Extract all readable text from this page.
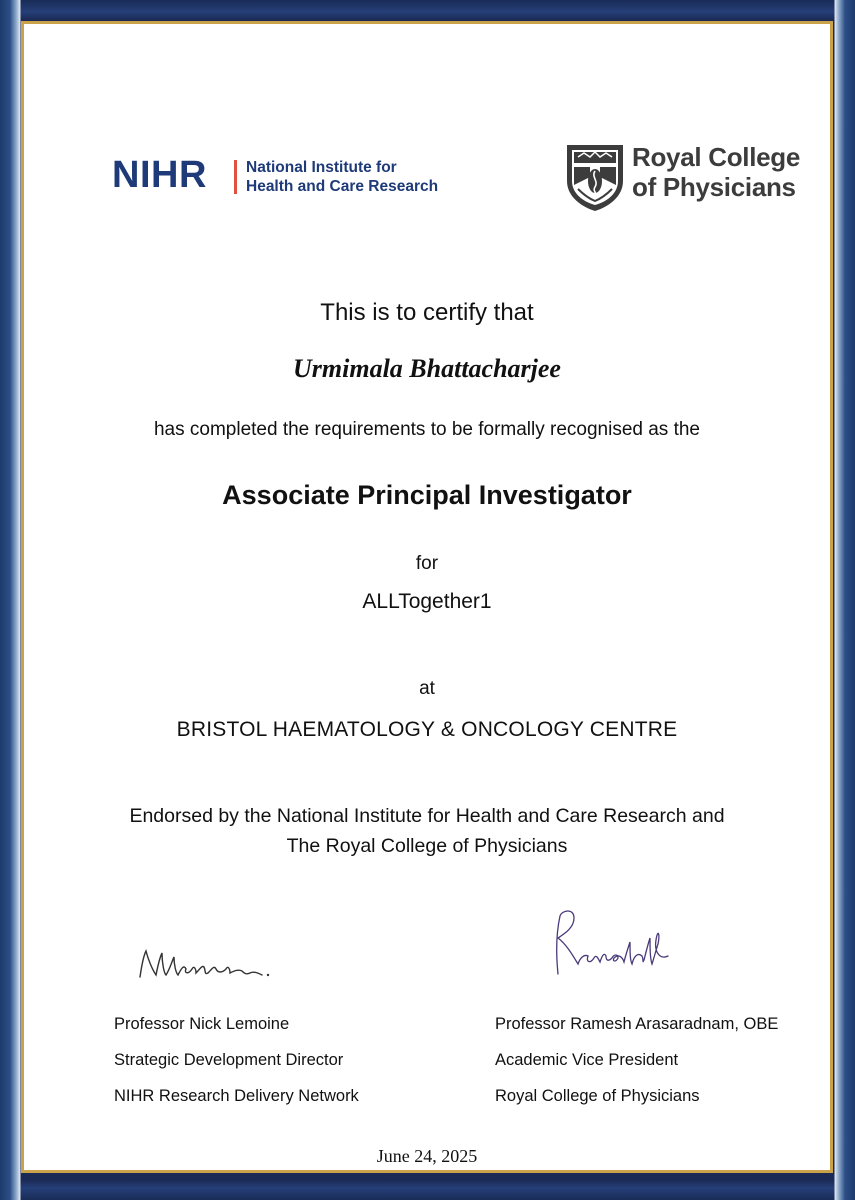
NIHR	National Institute for
Health and Care Research
Royal College
of Physicians
This is to certify that
Urmimala Bhattacharjee
has completed the requirements to be formally recognised as the
Associate Principal Investigator
for
ALLTogether1
at
BRISTOL HAEMATOLOGY & ONCOLOGY CENTRE
Endorsed by the National Institute for Health and Care Research and
The Royal College of Physicians
Professor Nick Lemoine
Strategic Development Director
NIHR Research Delivery Network
Professor Ramesh Arasaradnam, OBE
Academic Vice President
Royal College of Physicians
June 24, 2025
